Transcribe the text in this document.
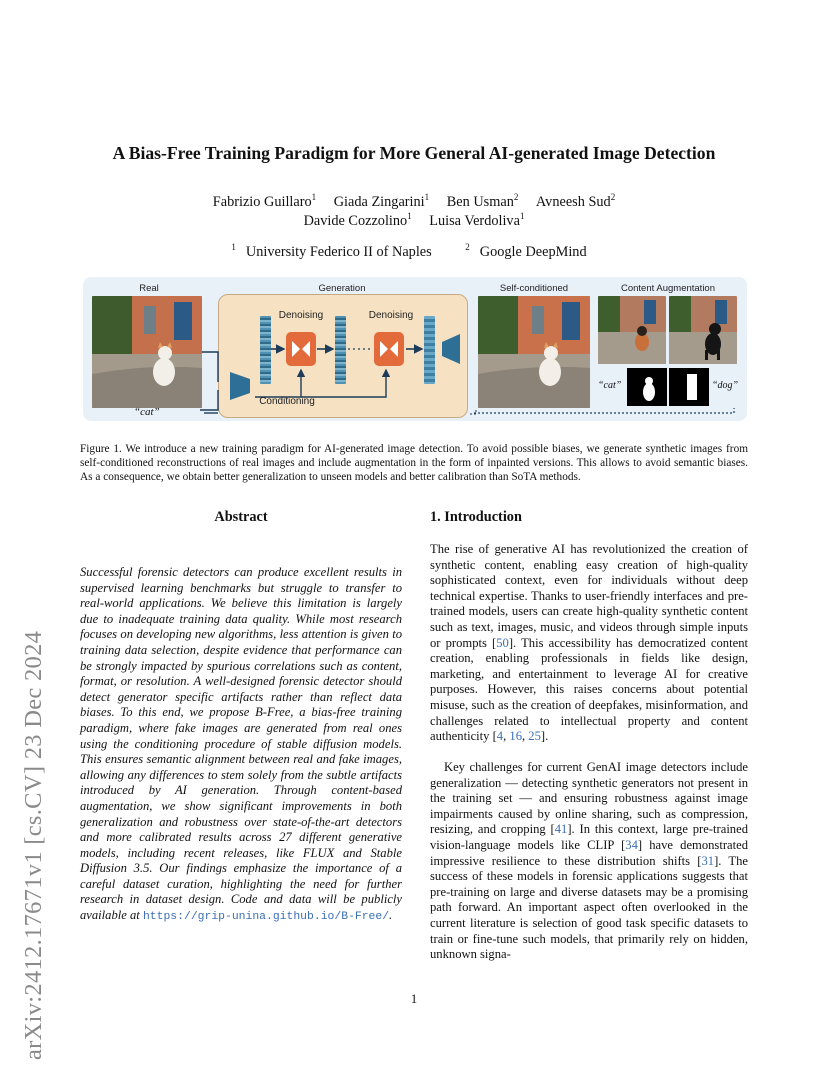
arXiv:2412.17671v1 [cs.CV] 23 Dec 2024
A Bias-Free Training Paradigm for More General AI-generated Image Detection
Fabrizio Guillaro$^1$ Giada Zingarini$^1$ Ben Usman$^2$ Avneesh Sud$^2$
Davide Cozzolino$^1$ Luisa Verdoliva$^1$
$^1$ University Federico II of Naples	$^2$ Google DeepMind
Real	Generation	Self-conditioned	Content Augmentation
Denoising	Denoising
Conditioning
“cat”
“cat”	“dog”
Figure 1. We introduce a new training paradigm for AI-generated image detection. To avoid possible biases, we generate synthetic images from self-conditioned reconstructions of real images and include augmentation in the form of inpainted versions. This allows to avoid semantic biases. As a consequence, we obtain better generalization to unseen models and better calibration than SoTA methods.
Abstract
Successful forensic detectors can produce excellent results in supervised learning benchmarks but struggle to transfer to real-world applications. We believe this limitation is largely due to inadequate training data quality. While most research focuses on developing new algorithms, less attention is given to training data selection, despite evidence that performance can be strongly impacted by spurious correlations such as content, format, or resolution. A well-designed forensic detector should detect generator specific artifacts rather than reflect data biases. To this end, we propose B-Free, a bias-free training paradigm, where fake images are generated from real ones using the conditioning procedure of stable diffusion models. This ensures semantic alignment between real and fake images, allowing any differences to stem solely from the subtle artifacts introduced by AI generation. Through content-based augmentation, we show significant improvements in both generalization and robustness over state-of-the-art detectors and more calibrated results across 27 different generative models, including recent releases, like FLUX and Stable Diffusion 3.5. Our findings emphasize the importance of a careful dataset curation, highlighting the need for further research in dataset design. Code and data will be publicly available at https://grip-unina.github.io/B-Free/.
1. Introduction
The rise of generative AI has revolutionized the creation of synthetic content, enabling easy creation of high-quality sophisticated context, even for individuals without deep technical expertise. Thanks to user-friendly interfaces and pre-trained models, users can create high-quality synthetic content such as text, images, music, and videos through simple inputs or prompts [50]. This accessibility has democratized content creation, enabling professionals in fields like design, marketing, and entertainment to leverage AI for creative purposes. However, this raises concerns about potential misuse, such as the creation of deepfakes, misinformation, and challenges related to intellectual property and content authenticity [4, 16, 25].
Key challenges for current GenAI image detectors include generalization — detecting synthetic generators not present in the training set — and ensuring robustness against image impairments caused by online sharing, such as compression, resizing, and cropping [41]. In this context, large pre-trained vision-language models like CLIP [34] have demonstrated impressive resilience to these distribution shifts [31]. The success of these models in forensic applications suggests that pre-training on large and diverse datasets may be a promising path forward. An important aspect often overlooked in the current literature is selection of good task specific datasets to train or fine-tune such models, that primarily rely on hidden, unknown signa-
1
